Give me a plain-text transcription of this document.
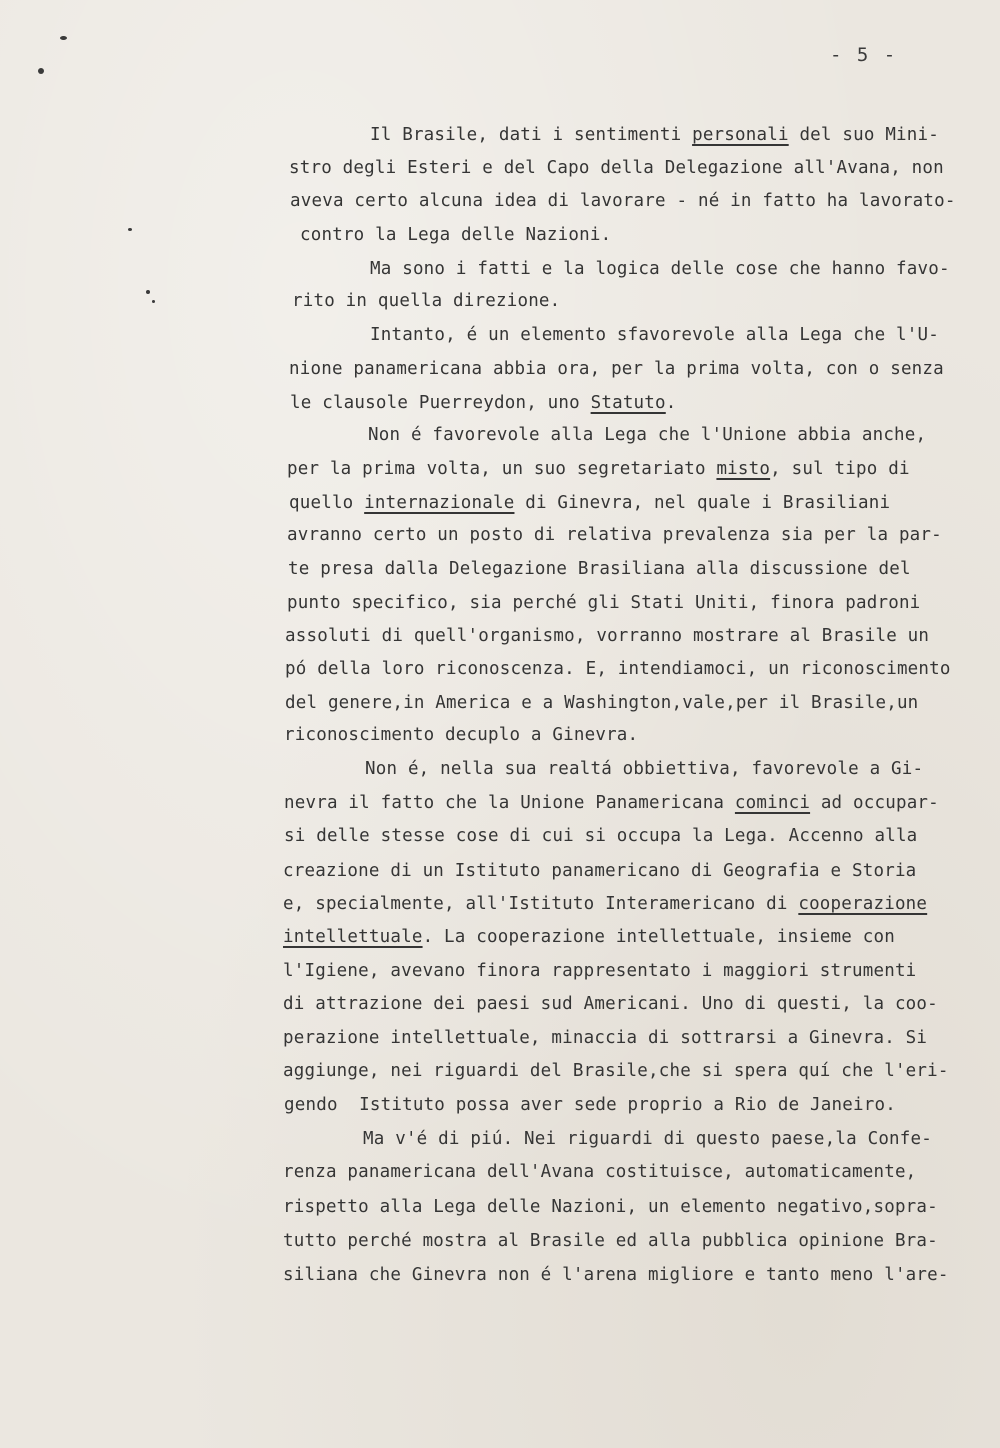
- 5 -
Il Brasile, dati i sentimenti personali del suo Mini-
stro degli Esteri e del Capo della Delegazione all'Avana, non
aveva certo alcuna idea di lavorare - né in fatto ha lavorato-
contro la Lega delle Nazioni.
Ma sono i fatti e la logica delle cose che hanno favo-
rito in quella direzione.
Intanto, é un elemento sfavorevole alla Lega che l'U-
nione panamericana abbia ora, per la prima volta, con o senza
le clausole Puerreydon, uno Statuto.
Non é favorevole alla Lega che l'Unione abbia anche,
per la prima volta, un suo segretariato misto, sul tipo di
quello internazionale di Ginevra, nel quale i Brasiliani
avranno certo un posto di relativa prevalenza sia per la par-
te presa dalla Delegazione Brasiliana alla discussione del
punto specifico, sia perché gli Stati Uniti, finora padroni
assoluti di quell'organismo, vorranno mostrare al Brasile un
pó della loro riconoscenza. E, intendiamoci, un riconoscimento
del genere,in America e a Washington,vale,per il Brasile,un
riconoscimento decuplo a Ginevra.
Non é, nella sua realtá obbiettiva, favorevole a Gi-
nevra il fatto che la Unione Panamericana cominci ad occupar-
si delle stesse cose di cui si occupa la Lega. Accenno alla
creazione di un Istituto panamericano di Geografia e Storia
e, specialmente, all'Istituto Interamericano di cooperazione
intellettuale. La cooperazione intellettuale, insieme con
l'Igiene, avevano finora rappresentato i maggiori strumenti
di attrazione dei paesi sud Americani. Uno di questi, la coo-
perazione intellettuale, minaccia di sottrarsi a Ginevra. Si
aggiunge, nei riguardi del Brasile,che si spera quí che l'eri-
gendo  Istituto possa aver sede proprio a Rio de Janeiro.
Ma v'é di piú. Nei riguardi di questo paese,la Confe-
renza panamericana dell'Avana costituisce, automaticamente,
rispetto alla Lega delle Nazioni, un elemento negativo,sopra-
tutto perché mostra al Brasile ed alla pubblica opinione Bra-
siliana che Ginevra non é l'arena migliore e tanto meno l'are-
